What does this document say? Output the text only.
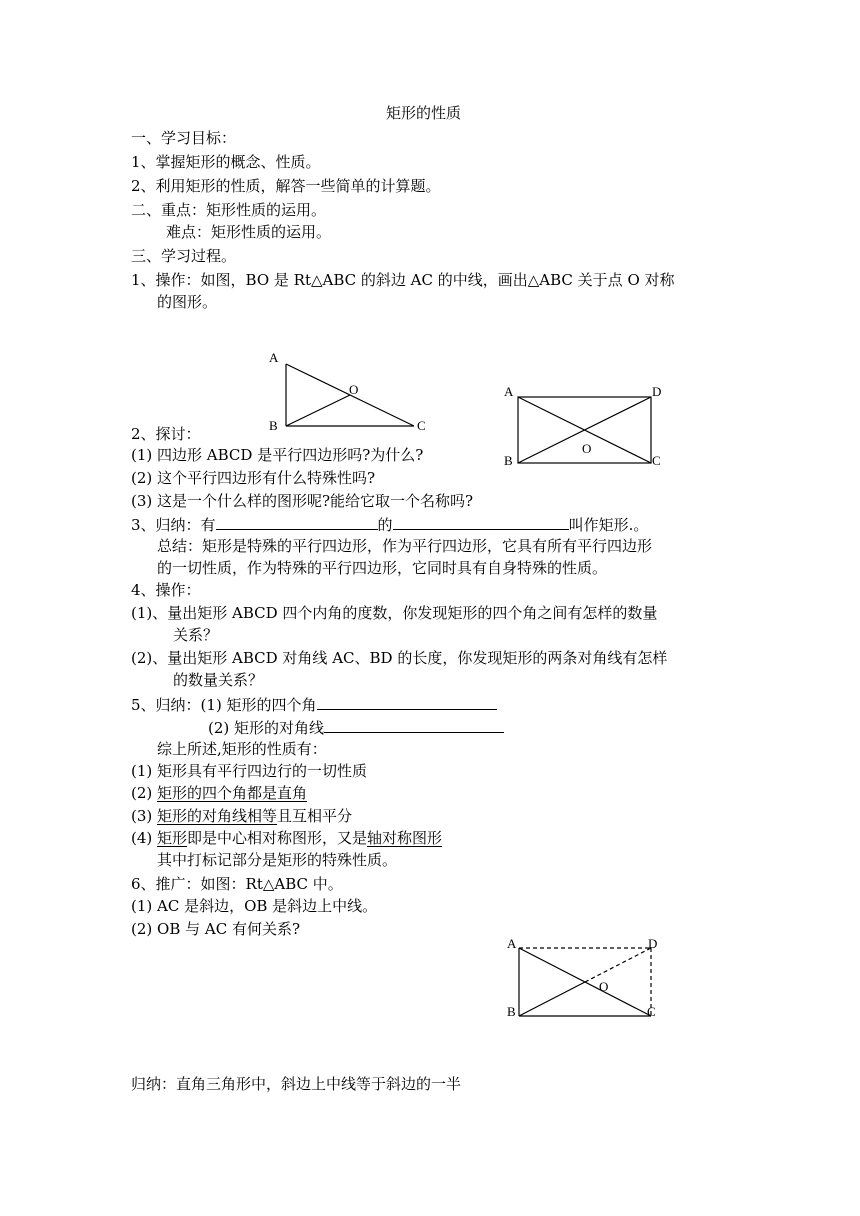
矩形的性质
一、学习目标：
1、掌握矩形的概念、性质。
2、利用矩形的性质，解答一些简单的计算题。
二、重点：矩形性质的运用。
难点：矩形性质的运用。
三、学习过程。
1、操作：如图，BO 是 Rt△ABC 的斜边 AC 的中线，画出△ABC 关于点 O 对称
的图形。
2、探讨：
(1) 四边形 ABCD 是平行四边形吗?为什么?
(2) 这个平行四边形有什么特殊性吗?
(3) 这是一个什么样的图形呢?能给它取一个名称吗?
3、归纳：有	的	叫作矩形.。
总结：矩形是特殊的平行四边形，作为平行四边形，它具有所有平行四边形
的一切性质，作为特殊的平行四边形，它同时具有自身特殊的性质。
4、操作：
(1)、量出矩形 ABCD 四个内角的度数，你发现矩形的四个角之间有怎样的数量
关系？
(2)、量出矩形 ABCD 对角线 AC、BD 的长度，你发现矩形的两条对角线有怎样
的数量关系？
5、归纳：(1) 矩形的四个角
(2) 矩形的对角线
综上所述,矩形的性质有：
(1) 矩形具有平行四边行的一切性质
(2) 矩形的四个角都是直角
(3) 矩形的对角线相等且互相平分
(4) 矩形即是中心相对称图形，又是轴对称图形
其中打标记部分是矩形的特殊性质。
6、推广：如图：Rt△ABC 中。
(1) AC 是斜边，OB 是斜边上中线。
(2) OB 与 AC 有何关系?
归纳：直角三角形中，斜边上中线等于斜边的一半
A
B	C
O	A	D
B	C
O
A	D
B	C
O
